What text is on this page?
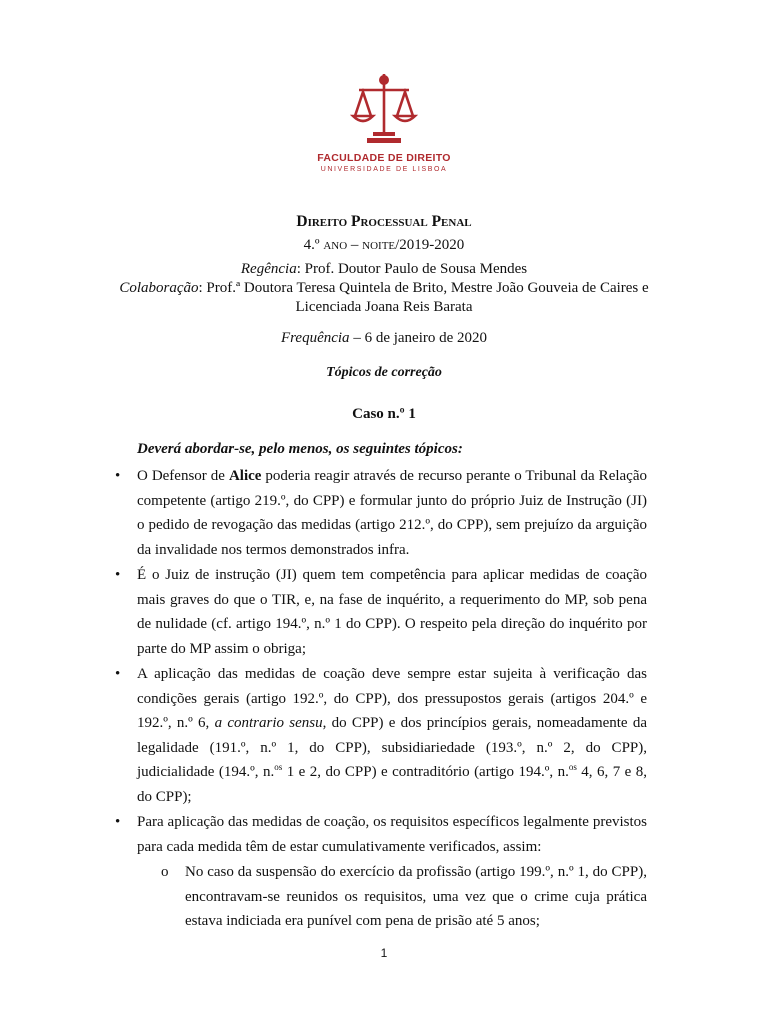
FACULDADE DE DIREITO
UNIVERSIDADE DE LISBOA
Direito Processual Penal
4.º ano – noite/2019-2020
Regência: Prof. Doutor Paulo de Sousa Mendes
Colaboração: Prof.ª Doutora Teresa Quintela de Brito, Mestre João Gouveia de Caires e
Licenciada Joana Reis Barata
Frequência – 6 de janeiro de 2020
Tópicos de correção
Caso n.º 1
Deverá abordar-se, pelo menos, os seguintes tópicos:
• O Defensor de Alice poderia reagir através de recurso perante o Tribunal da Relação competente (artigo 219.º, do CPP) e formular junto do próprio Juiz de Instrução (JI) o pedido de revogação das medidas (artigo 212.º, do CPP), sem prejuízo da arguição da invalidade nos termos demonstrados infra.
• É o Juiz de instrução (JI) quem tem competência para aplicar medidas de coação mais graves do que o TIR, e, na fase de inquérito, a requerimento do MP, sob pena de nulidade (cf. artigo 194.º, n.º 1 do CPP). O respeito pela direção do inquérito por parte do MP assim o obriga;
• A aplicação das medidas de coação deve sempre estar sujeita à verificação das condições gerais (artigo 192.º, do CPP), dos pressupostos gerais (artigos 204.º e 192.º, n.º 6, a contrario sensu, do CPP) e dos princípios gerais, nomeadamente da legalidade (191.º, n.º 1, do CPP), subsidiariedade (193.º, n.º 2, do CPP), judicialidade (194.º, n.$^{os}$ 1 e 2, do CPP) e contraditório (artigo 194.º, n.$^{os}$ 4, 6, 7 e 8, do CPP);
• Para aplicação das medidas de coação, os requisitos específicos legalmente previstos para cada medida têm de estar cumulativamente verificados, assim:
o No caso da suspensão do exercício da profissão (artigo 199.º, n.º 1, do CPP), encontravam-se reunidos os requisitos, uma vez que o crime cuja prática estava indiciada era punível com pena de prisão até 5 anos;
1
